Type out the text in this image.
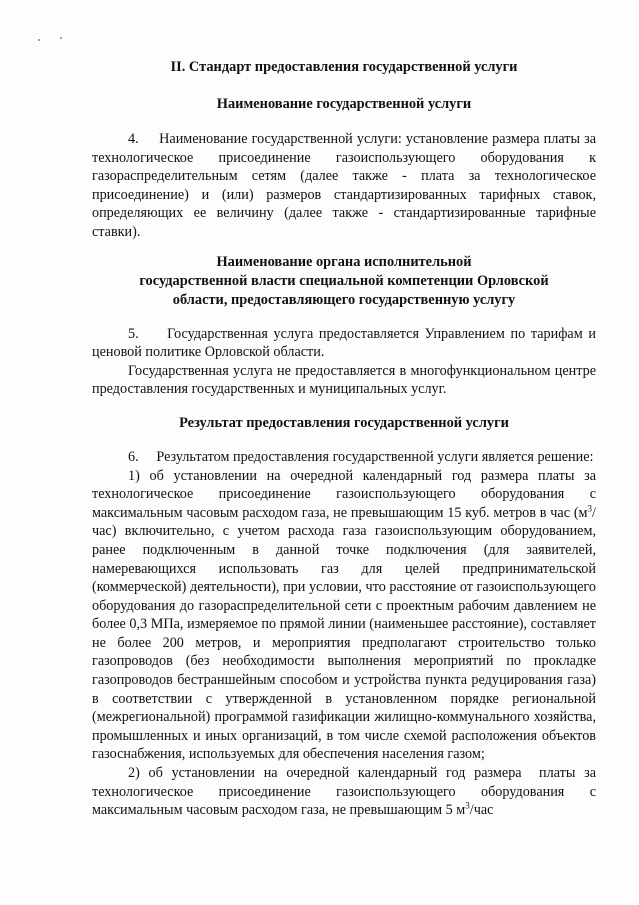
II. Стандарт предоставления государственной услуги

Наименование государственной услуги

4.     Наименование государственной услуги: установление размера платы за технологическое присоединение газоиспользующего оборудования к газораспределительным сетям (далее также - плата за технологическое присоединение) и (или) размеров стандартизированных тарифных ставок, определяющих ее величину (далее также - стандартизированные тарифные ставки).

Наименование органа исполнительной
государственной власти специальной компетенции Орловской
области, предоставляющего государственную услугу

5.     Государственная услуга предоставляется Управлением по тарифам и ценовой политике Орловской области.

Государственная услуга не предоставляется в многофункциональном центре предоставления государственных и муниципальных услуг.

Результат предоставления государственной услуги

6.     Результатом предоставления государственной услуги является решение:

1) об установлении на очередной календарный год размера платы за технологическое присоединение газоиспользующего оборудования с максимальным часовым расходом газа, не превышающим 15 куб. метров в час $(м^3/час)$ включительно, с учетом расхода газа газоиспользующим оборудованием, ранее подключенным в данной точке подключения (для заявителей, намеревающихся использовать газ для целей предпринимательской (коммерческой) деятельности), при условии, что расстояние от газоиспользующего оборудования до газораспределительной сети с проектным рабочим давлением не более 0,3 МПа, измеряемое по прямой линии (наименьшее расстояние), составляет не более 200 метров, и мероприятия предполагают строительство только газопроводов (без необходимости выполнения мероприятий по прокладке газопроводов бестраншейным способом и устройства пункта редуцирования газа) в соответствии с утвержденной в установленном порядке региональной (межрегиональной) программой газификации жилищно-коммунального хозяйства, промышленных и иных организаций, в том числе схемой расположения объектов газоснабжения, используемых для обеспечения населения газом;

2) об установлении на очередной календарный год размера  платы за технологическое присоединение газоиспользующего оборудования с максимальным часовым расходом газа, не превышающим 5 $м^3$/час
